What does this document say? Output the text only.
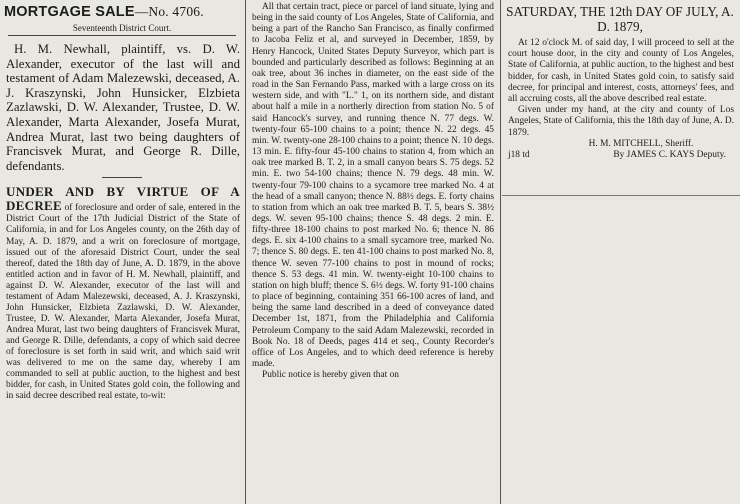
MORTGAGE SALE—No. 4706.
Seventeenth District Court.
H. M. Newhall, plaintiff, vs. D. W. Alexander, executor of the last will and testament of Adam Malezewski, deceased, A. J. Kraszynski, John Hunsicker, Elzbieta Zazlawski, D. W. Alexander, Trustee, D. W. Alexander, Marta Alexander, Josefa Murat, Andrea Murat, last two being daughters of Francisvek Murat, and George R. Dille, defendants.
UNDER AND BY VIRTUE OF A DECREE of foreclosure and order of sale, entered in the District Court of the 17th Judicial District of the State of California, in and for Los Angeles county, on the 26th day of May, A. D. 1879, and a writ on foreclosure of mortgage, issued out of the aforesaid District Court, under the seal thereof, dated the 18th day of June, A. D. 1879, in the above entitled action and in favor of H. M. Newhall, plaintiff, and against D. W. Alexander, executor of the last will and testament of Adam Malezewski, deceased, A. J. Kraszynski, John Hunsicker, Elzbieta Zazlawski, D. W. Alexander, Trustee, D. W. Alexander, Marta Alexander, Josefa Murat, Andrea Murat, last two being daughters of Francisvek Murat, and George R. Dille, defendants, a copy of which said decree of foreclosure is set forth in said writ, and which said writ was delivered to me on the same day, whereby I am commanded to sell at public auction, to the highest and best bidder, for cash, in United States gold coin, the following and in said decree described real estate, to-wit:
All that certain tract, piece or parcel of land situate, lying and being in the said county of Los Angeles, State of California, and being a part of the Rancho San Francisco, as finally confirmed to Jacoba Feliz et al, and surveyed in December, 1859, by Henry Hancock, United States Deputy Surveyor, which part is bounded and particularly described as follows: Beginning at an oak tree, about 36 inches in diameter, on the east side of the road in the San Fernando Pass, marked with a large cross on its western side, and with "L." 1, on its northern side, and distant about half a mile in a northerly direction from station No. 5 of said Hancock's survey, and running thence N. 77 degs. W. twenty-four 65-100 chains to a point; thence N. 22 degs. 45 min. W. twenty-one 28-100 chains to a point; thence N. 10 degs. 13 min. E. fifty-four 45-100 chains to station 4, from which an oak tree marked B. T. 2, in a small canyon bears S. 75 degs. 52 min. E. two 54-100 chains; thence N. 79 degs. 48 min. W. twenty-four 79-100 chains to a sycamore tree marked No. 4 at the head of a small canyon; thence N. 88½ degs. E. forty chains to station from which an oak tree marked B. T. 5, bears S. 38½ degs. W. seven 95-100 chains; thence S. 48 degs. 2 min. E. fifty-three 18-100 chains to post marked No. 6; thence N. 86 degs. E. six 4-100 chains to a small sycamore tree, marked No. 7; thence S. 80 degs. E. ten 41-100 chains to post marked No. 8, thence W. seven 77-100 chains to post in mound of rocks; thence S. 53 degs. 41 min. W. twenty-eight 10-100 chains to station on high bluff; thence S. 6½ degs. W. forty 91-100 chains to place of beginning, containing 351 66-100 acres of land, and being the same land described in a deed of conveyance dated December 1st, 1871, from the Philadelphia and California Petroleum Company to the said Adam Malezewski, recorded in Book No. 18 of Deeds, pages 414 et seq., County Recorder's office of Los Angeles, and to which deed reference is hereby made.
Public notice is hereby given that on
SATURDAY, THE 12th DAY OF JULY, A. D. 1879,
At 12 o'clock M. of said day, I will proceed to sell at the court house door, in the city and county of Los Angeles, State of California, at public auction, to the highest and best bidder, for cash, in United States gold coin, to satisfy said decree, for principal and interest, costs, attorneys' fees, and all accruing costs, all the above described real estate.
Given under my hand, at the city and county of Los Angeles, State of California, this the 18th day of June, A. D. 1879.
H. M. MITCHELL, Sheriff.
j18 td	By JAMES C. KAYS Deputy.
